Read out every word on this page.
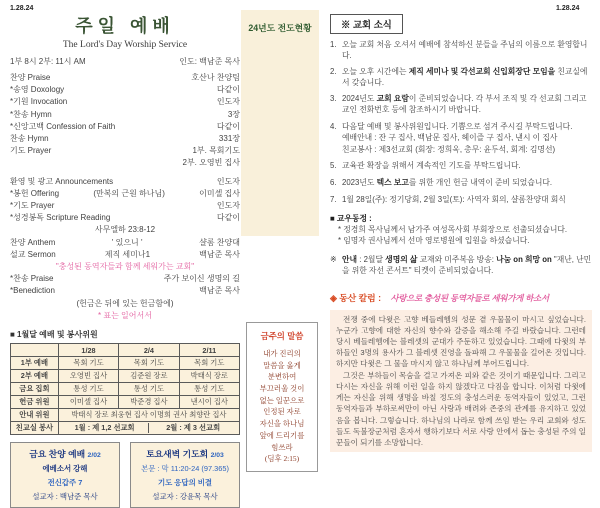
1.28.24	1.28.24
주일 예배
The Lord's Day Worship Service
1부 8시 2부: 11시 AM	인도: 백남준 목사
찬양 Praise	호산나 찬양팀
*송영 Doxology	다같이
*기원 Invocation	인도자
*찬송 Hymn	3장
*신앙고백 Confession of Faith	다같이
찬송 Hymn	331장
기도 Prayer	1부. 목회기도
2부. 오영빈 집사
환영 및 광고 Announcements	인도자
*봉헌 Offering	(만복의 근원 하나님)	이미셀 집사
*기도 Prayer	인도자
*성경봉독 Scripture Reading	다같이
사무엘하 23:8-12
찬양 Anthem	' 있으니 '	샬롬 찬양대
설교 Sermon	제직 세미나1	백남준 목사
"충성된 동역자들과 함께 세워가는 교회"
*찬송 Praise	주가 보이신 생명의 길
*Benediction	백남준 목사
(헌금은 뒤에 있는 헌금함에)
* 표는 일어서서
■ 1월달 예배 및 봉사위원
	1/28	2/4	2/11
1부 예배	목회 기도	목회 기도	목회 기도
2부 예배	오영빈 집사	김준원 장로	박태식 장로
금요 집회	통성 기도	통성 기도	통성 기도
헌금 위원	이미셀 집사	박준경 집사	낸시이 집사
안내 위원	박태식 장로 최웅현 집사 이명희 권사 최향란 집사		
친교실 봉사	1월 : 제 1,2 선교회 2월 : 제 3 선교회		
금요 찬양 예배 2/02
에베소서 강해
전신갑주 7
설교자 : 백남준 목사
토요새벽 기도회 2/03
본문 : 막 11:20-24 (97.365)
기도 응답의 비결
설교자 : 강윤목 목사
24년도 전도현황
금주의 말씀
내가 진리의
말씀을 옳게
분변하여
부끄러울 것이
없는 일꾼으로
인정된 자로
자신을 하나님
앞에 드리기를
힘쓰라
(딤후 2:15)
※ 교회 소식
1. 오늘 교회 처음 오셔서 예배에 참석하신 분들을 주님의 이름으로 환영합니다.
2. 오늘 오후 시간에는 제직 세미나 및 각선교회 신입회장단 모임을 친교실에서 갖습니다.
3. 2024년도 교회 요람이 준비되었습니다. 각 부서 조직 및 각 선교회 그리고 교인 전화번호 등에 참조하시기 바랍니다.
4. 다음달 예배 및 봉사위원입니다. 기쁨으로 섬겨 주시길 부탁드립니다.
예배안내 : 잔 구 집사, 백남문 집사, 헤이즐 구 집사, 낸시 이 집사
친교봉사 : 제3선교회 (회장: 정희욱, 총무: 윤두석, 회계: 김명선)
5. 교육관 확장을 위해서 계속적인 기도를 부탁드립니다.
6. 2023년도 텍스 보고를 위한 개인 헌금 내역이 준비 되었습니다.
7. 1월 28일(주): 정기당회, 2월 3일(토): 사역자 회의, 샬롬찬양대 회식
■ 교우동정 :
* 정경희 목사님께서 남가주 여성목사회 부회장으로 선출되셨습니다.
* 임명자 권사님께서 선마 영로병원에 입원을 하셨습니다.
※ 안내 : 2월달 생명의 삶 교재와 미주복음 방송: 나눔 on 희망 on "재난, 난민을 위한 자선 콘서트" 티켓이 준비되었습니다.
◈ 동산 칼럼 : 사랑으로 충성된 동역자들로 세워가게 하소서

전쟁 중에 다윗은 고향 베들레헴의 성문 곁 우물물이 마시고 싶었습니다. 누군가 고향에 대한 자신의 향수와 갈증을 해소해 주길 바랐습니다. 그런데 당시 베들레헴에는 블레셋의 군대가 주둔하고 있었습니다. 그때에 다윗의 부하들인 3명의 용사가 그 블레셋 진영을 돌파해 그 우물물을 길어온 것입니다. 하지만 다윗은 그 물을 마시지 않고 하나님께 부어드립니다.

그것은 부하들이 목숨을 걸고 가져온 피와 같은 것이기 때문입니다. 그리고 다시는 자신을 위해 이런 일을 하지 않겠다고 다짐을 합니다. 이처럼 다윗에게는 자신을 위해 생명을 바칠 정도의 충성스러운 동역자들이 있었고, 그런 동역자들과 부하로써만이 아닌 사랑과 배려와 존중의 관계를 유지하고 있었음을 봅니다. 그렇습니다. 하나님의 나라로 함께 쓰임 받는 우리 교회와 성도들도 독불장군처럼 혼자서 행하기보다 서로 사랑 안에서 돕는 충성된 주의 일꾼들이 되기를 소망합니다.
